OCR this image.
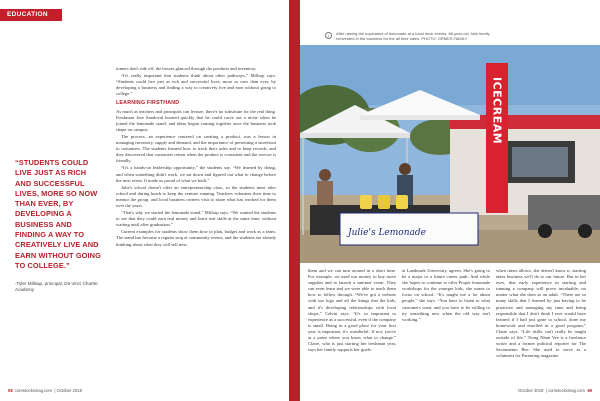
EDUCATION
“STUDENTS COULD LIVE JUST AS RICH AND SUCCESSFUL LIVES, MORE SO NOW THAN EVER, BY DEVELOPING A BUSINESS AND FINDING A WAY TO CREATIVELY LIVE AND EARN WITHOUT GOING TO COLLEGE.”
-Tyler Millsap, principal, De Vinci Charter Academy

tomers don't ride off, the bosses glanced through the products and inventory.

“It's really important that students think about other pathways,” Millsap says. “Students could live just as rich and successful lives, more so now than ever, by developing a business and finding a way to creatively live and earn without going to college.”

LEARNING FIRSTHAND

As much as teachers and principals can lecture, there's no substitute for the real thing. Freshman Jose Sandoval learned quickly that he could carve out a niche when he joined the lemonade stand, and ideas began coming together once the business took shape on campus.

The process, an experience centered on creating a product, was a lesson in managing inventory, supply and demand, and the importance of presenting a storefront to customers. The students learned how to track their sales and to keep records, and they discovered that customers return when the product is consistent and the service is friendly.

“It's a hands-on leadership opportunity,” the students say. “We learned by doing, and when something didn't work, we sat down and figured out what to change before the next event. It made us proud of what we built.”

Julie's school doesn't offer an entrepreneurship class, so the students meet after school and during lunch to keep the venture running. Teachers volunteer their time to mentor the group, and local business owners visit to share what has worked for them over the years.

“That's why we started the lemonade stand,” Millsap says. “We wanted the students to see that they could earn real money and learn real skills at the same time, without waiting until after graduation.”

Current examples for students show them how to plan, budget and work as a team. The stand has become a regular stop at community events, and the students are already thinking about what they will sell next.

1	After raising the equivalent of lemonade at a local truck events, 86-year-old Julie family reinvested in the business for the all their sales. PHOTO: ORMES FAMILY
ICECREAM
Julie's Lemonade

them and we can turn around in a short time. For example, we used our money to buy more supplies and to launch a summer event. They can even learn and we were able to teach them how to follow through. “We've got a website with our logo and all the things that the kids, and it's developing relationships with local shops,” Calvin says. “It's so important to experience as a successful, even if the company is small. Being in a good place for your first year is important, it's wonderful. If not, you're at a point where you know what to change.” Claire, who is just starting her freshman year, says her family supports her goals.

at Landmark University, agrees. She's going to be a major or a future career path. And while she hopes to continue to offer Proper lemonade workshops for the younger kids, she wants to focus on school. “It's taught me a lot about people,” she says. “You have to listen to what customers want, and you have to be willing to try something new when the old way isn't working.”

when times allows, she doesn't know it, starting takes business we'll do to our future. But in her eyes, that early experience in starting and running a company will prove invaluable, no matter what she does as an adult. “There are so many skills that I learned by just having to be proactive and managing my time and being responsible that I don't think I ever would have learned if I had just gone to school, done my homework and enrolled in a good program,” Claire says. “Life skills can't really be taught outside of life.” Tiong Nhan Vee is a freelance writer and a former political reporter for The Sacramento Bee. She used to serve as a columnist for Parenting magazine.

58 comstocksmag.com  | October 2018	October 2018  | comstocksmag.com 59
